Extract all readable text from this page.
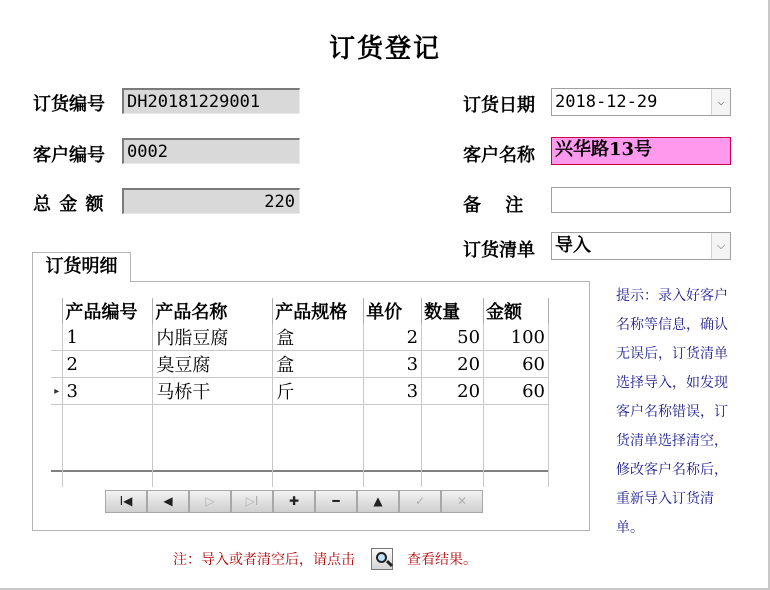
订货登记
订货编号 DH20181229001
客户编号 0002
总 金 额	220
订货日期 2018-12-29	⌵
客户名称 兴华路13号
备　 注
订货清单 导入	⌵
订货明细
	产品编号	产品名称	产品规格	单价	数量	金额
	1	内脂豆腐	盒	2	50	100
	2	臭豆腐	盒	3	20	60
▸	3	马桥干	斤	3	20	60

I◀	◀	▷	▷I	✚	━	▲	✓	✕
提示：录入好客户名称等信息，确认无误后，订货清单选择导入，如发现客户名称错误，订货清单选择清空，修改客户名称后，重新导入订货清单。
注：导入或者清空后，请点击	查看结果。
